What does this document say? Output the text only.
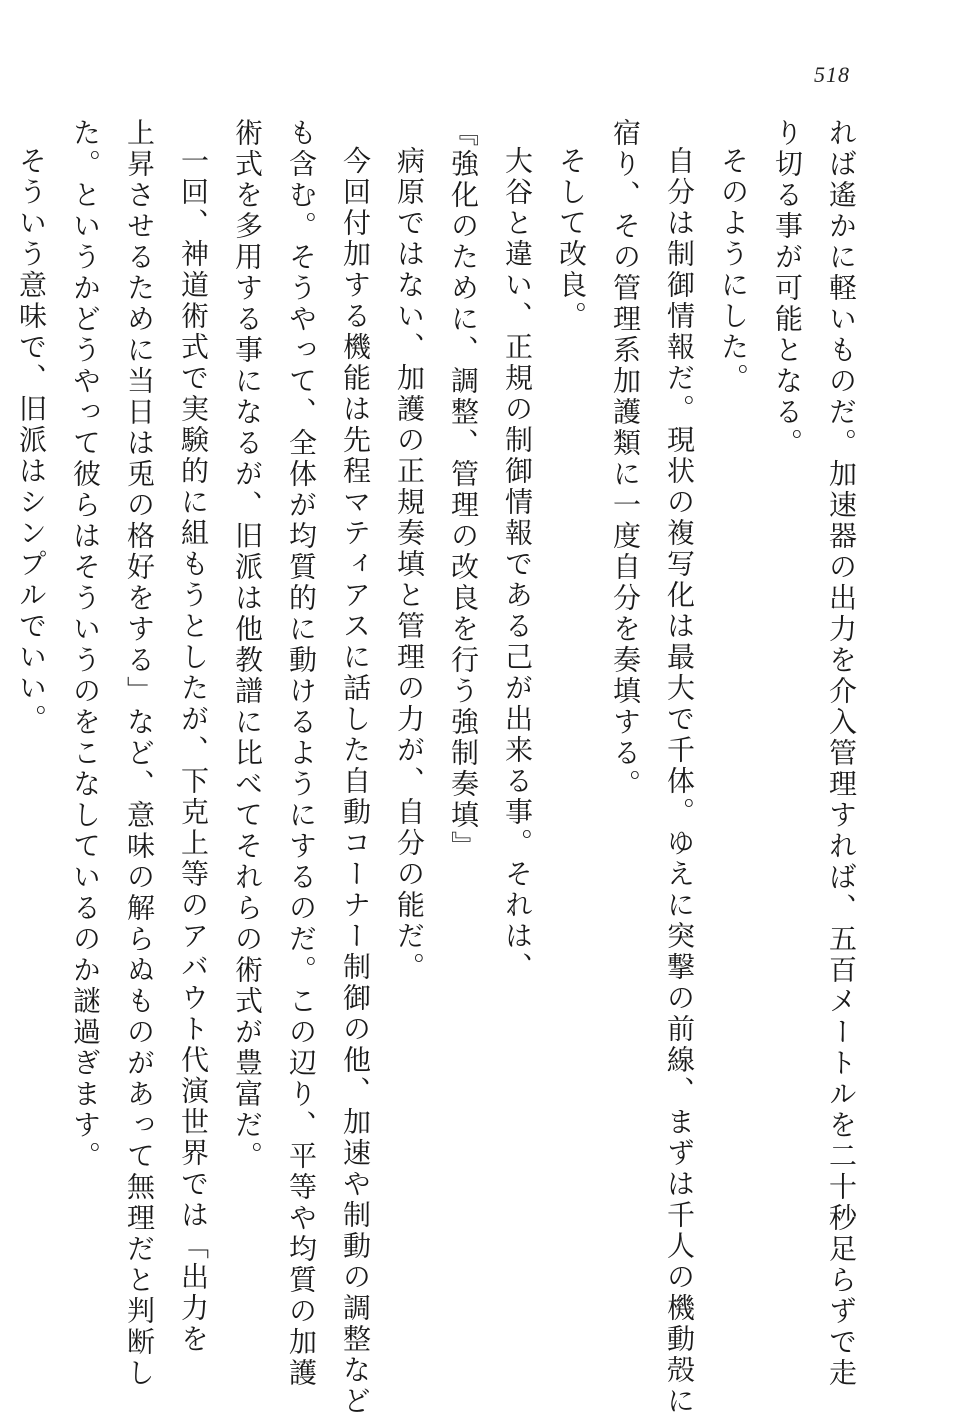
518
れば遙かに軽いものだ。加速器の出力を介入管理すれば、五百メートルを二十秒足らずで走
り切る事が可能となる。
そのようにした。
自分は制御情報だ。現状の複写化は最大で千体。ゆえに突撃の前線、まずは千人の機動殻に
宿り、その管理系加護類に一度自分を奏填する。
そして改良。
大谷と違い、正規の制御情報である己が出来る事。それは、
『強化のために、調整、管理の改良を行う強制奏填』
病原ではない、加護の正規奏填と管理の力が、自分の能だ。
今回付加する機能は先程マティアスに話した自動コーナー制御の他、加速や制動の調整など
も含む。そうやって、全体が均質的に動けるようにするのだ。この辺り、平等や均質の加護
術式を多用する事になるが、旧派は他教譜に比べてそれらの術式が豊富だ。
一回、神道術式で実験的に組もうとしたが、下克上等のアバウト代演世界では「出力を
上昇させるために当日は兎の格好をする」など、意味の解らぬものがあって無理だと判断し
た。というかどうやって彼らはそういうのをこなしているのか謎過ぎます。
そういう意味で、旧派はシンプルでいい。
